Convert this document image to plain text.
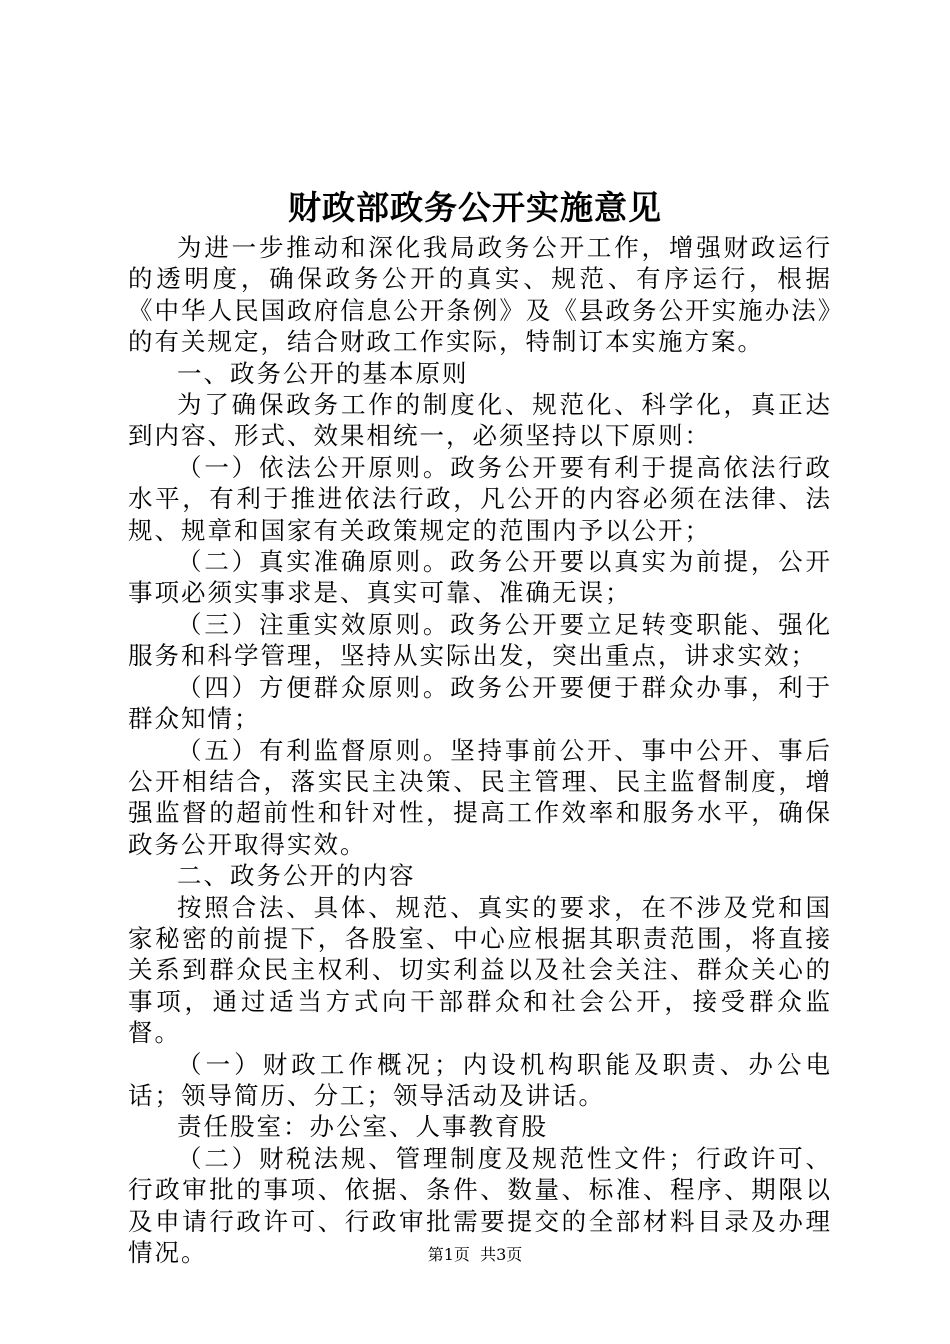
财政部政务公开实施意见

为进一步推动和深化我局政务公开工作，增强财政运行的透明度，确保政务公开的真实、规范、有序运行，根据《中华人民国政府信息公开条例》及《县政务公开实施办法》的有关规定，结合财政工作实际，特制订本实施方案。

一、政务公开的基本原则

为了确保政务工作的制度化、规范化、科学化，真正达到内容、形式、效果相统一，必须坚持以下原则：

（一）依法公开原则。政务公开要有利于提高依法行政水平，有利于推进依法行政，凡公开的内容必须在法律、法规、规章和国家有关政策规定的范围内予以公开；

（二）真实准确原则。政务公开要以真实为前提，公开事项必须实事求是、真实可靠、准确无误；

（三）注重实效原则。政务公开要立足转变职能、强化服务和科学管理，坚持从实际出发，突出重点，讲求实效；

（四）方便群众原则。政务公开要便于群众办事，利于群众知情；

（五）有利监督原则。坚持事前公开、事中公开、事后公开相结合，落实民主决策、民主管理、民主监督制度，增强监督的超前性和针对性，提高工作效率和服务水平，确保政务公开取得实效。

二、政务公开的内容

按照合法、具体、规范、真实的要求，在不涉及党和国家秘密的前提下，各股室、中心应根据其职责范围，将直接关系到群众民主权利、切实利益以及社会关注、群众关心的事项，通过适当方式向干部群众和社会公开，接受群众监督。

（一）财政工作概况；内设机构职能及职责、办公电话；领导简历、分工；领导活动及讲话。

责任股室：办公室、人事教育股

（二）财税法规、管理制度及规范性文件；行政许可、行政审批的事项、依据、条件、数量、标准、程序、期限以及申请行政许可、行政审批需要提交的全部材料目录及办理情况。	第1页  共3页
